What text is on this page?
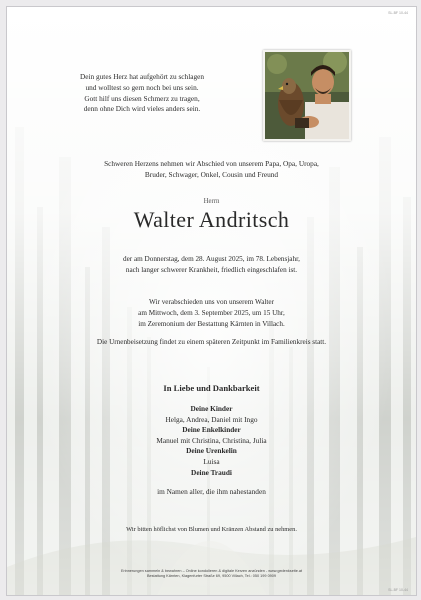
SL-BF 10-44
Dein gutes Herz hat aufgehört zu schlagen
und wolltest so gern noch bei uns sein.
Gott hilf uns diesen Schmerz zu tragen,
denn ohne Dich wird vieles anders sein.
Schweren Herzens nehmen wir Abschied von unserem Papa, Opa, Uropa,
Bruder, Schwager, Onkel, Cousin und Freund
Herrn
Walter Andritsch
der am Donnerstag, dem 28. August 2025, im 78. Lebensjahr,
nach langer schwerer Krankheit, friedlich eingeschlafen ist.
Wir verabschieden uns von unserem Walter
am Mittwoch, dem 3. September 2025, um 15 Uhr,
im Zeremonium der Bestattung Kärnten in Villach.
Die Urnenbeisetzung findet zu einem späteren Zeitpunkt im Familienkreis statt.
In Liebe und Dankbarkeit
Deine Kinder
Helga, Andrea, Daniel mit Ingo
Deine Enkelkinder
Manuel mit Christina, Christina, Julia
Deine Urenkelin
Luisa
Deine Traudi
im Namen aller, die ihm nahestanden
Wir bitten höflichst von Blumen und Kränzen Abstand zu nehmen.
Erinnerungen sammeln & bewahren – Online kondolieren & digitale Kerzen anzünden - www.gedenkseite.at
Bestattung Kärnten, Klagenfurter Straße 69, 9500 Villach, Tel.: 050 199 0909
SL-BF 10-44
